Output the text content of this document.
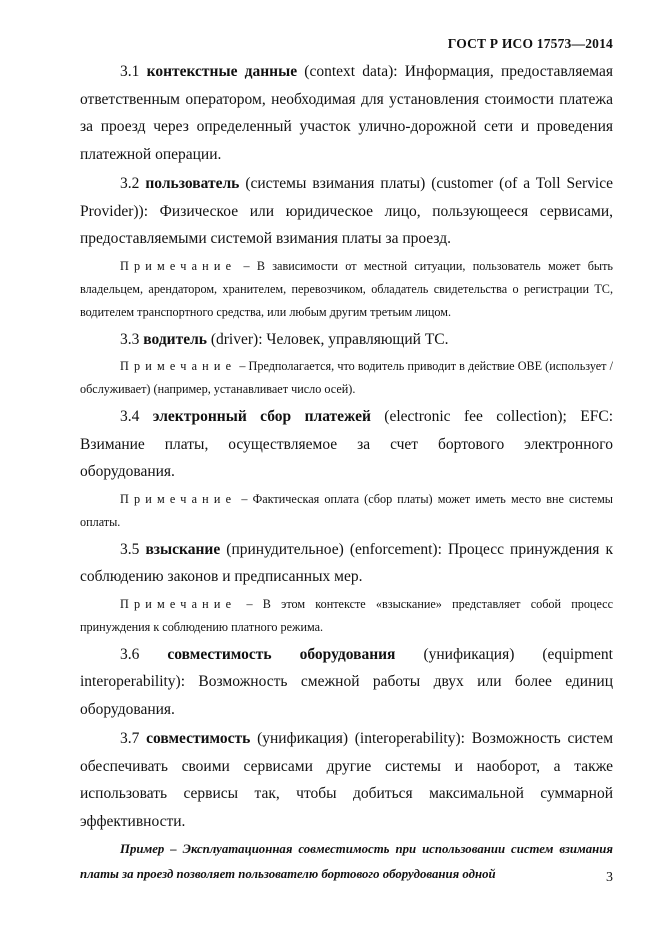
ГОСТ Р ИСО 17573—2014

3.1 контекстные данные (context data): Информация, предоставляемая ответственным оператором, необходимая для установления стоимости платежа за проезд через определенный участок улично-дорожной сети и проведения платежной операции.

3.2 пользователь (системы взимания платы) (customer (of a Toll Service Provider)): Физическое или юридическое лицо, пользующееся сервисами, предоставляемыми системой взимания платы за проезд.

Примечание – В зависимости от местной ситуации, пользователь может быть владельцем, арендатором, хранителем, перевозчиком, обладатель свидетельства о регистрации ТС, водителем транспортного средства, или любым другим третьим лицом.

3.3 водитель (driver): Человек, управляющий ТС.

Примечание – Предполагается, что водитель приводит в действие OBE (использует / обслуживает) (например, устанавливает число осей).

3.4 электронный сбор платежей (electronic fee collection); EFC: Взимание платы, осуществляемое за счет бортового электронного оборудования.

Примечание – Фактическая оплата (сбор платы) может иметь место вне системы оплаты.

3.5 взыскание (принудительное) (enforcement): Процесс принуждения к соблюдению законов и предписанных мер.

Примечание – В этом контексте «взыскание» представляет собой процесс принуждения к соблюдению платного режима.

3.6 совместимость оборудования (унификация) (equipment interoperability): Возможность смежной работы двух или более единиц оборудования.

3.7 совместимость (унификация) (interoperability): Возможность систем обеспечивать своими сервисами другие системы и наоборот, а также использовать сервисы так, чтобы добиться максимальной суммарной эффективности.

Пример – Эксплуатационная совместимость при использовании систем взимания платы за проезд позволяет пользователю бортового оборудования одной	3
